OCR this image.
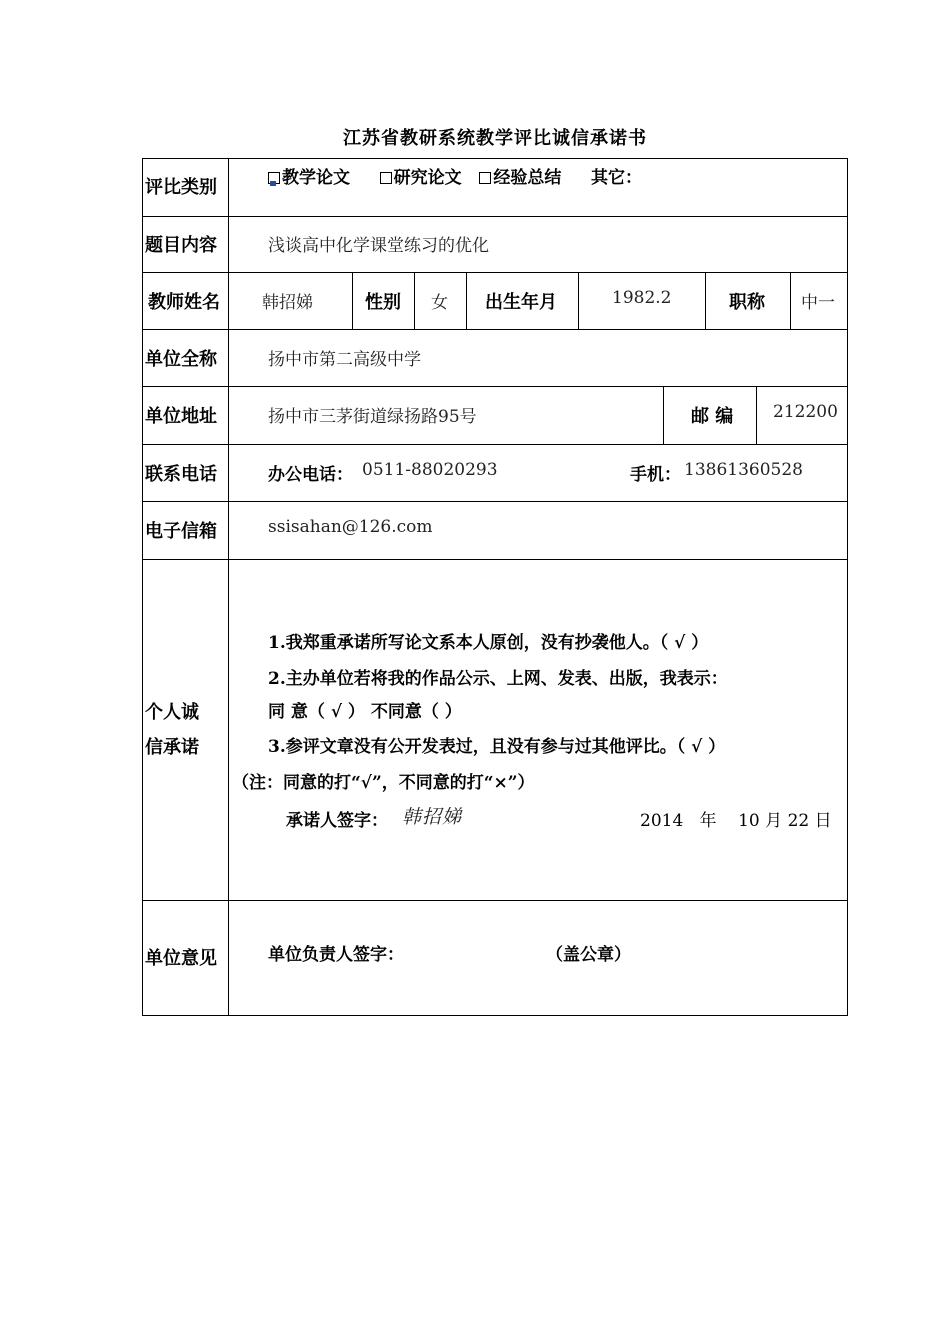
江苏省教研系统教学评比诚信承诺书
评比类别	教学论文	研究论文 经验总结 其它：
题目内容	浅谈高中化学课堂练习的优化
教师姓名 韩招娣	性别 女 出生年月	1982.2	职称 中一
单位全称	扬中市第二高级中学
单位地址	扬中市三茅街道绿扬路95号	邮 编 212200
联系电话	办公电话： 0511-88020293	手机： 13861360528
电子信箱	ssisahan@126.com
个人诚
信承诺
1.我郑重承诺所写论文系本人原创，没有抄袭他人。（ √ ）
2.主办单位若将我的作品公示、上网、发表、出版，我表示：
同 意（ √ ） 不同意（ ）
3.参评文章没有公开发表过，且没有参与过其他评比。（ √ ）
（注：同意的打“√”，不同意的打“×”）
承诺人签字： 韩招娣	2014 年 10 月 22 日
单位意见	单位负责人签字：	（盖公章）
